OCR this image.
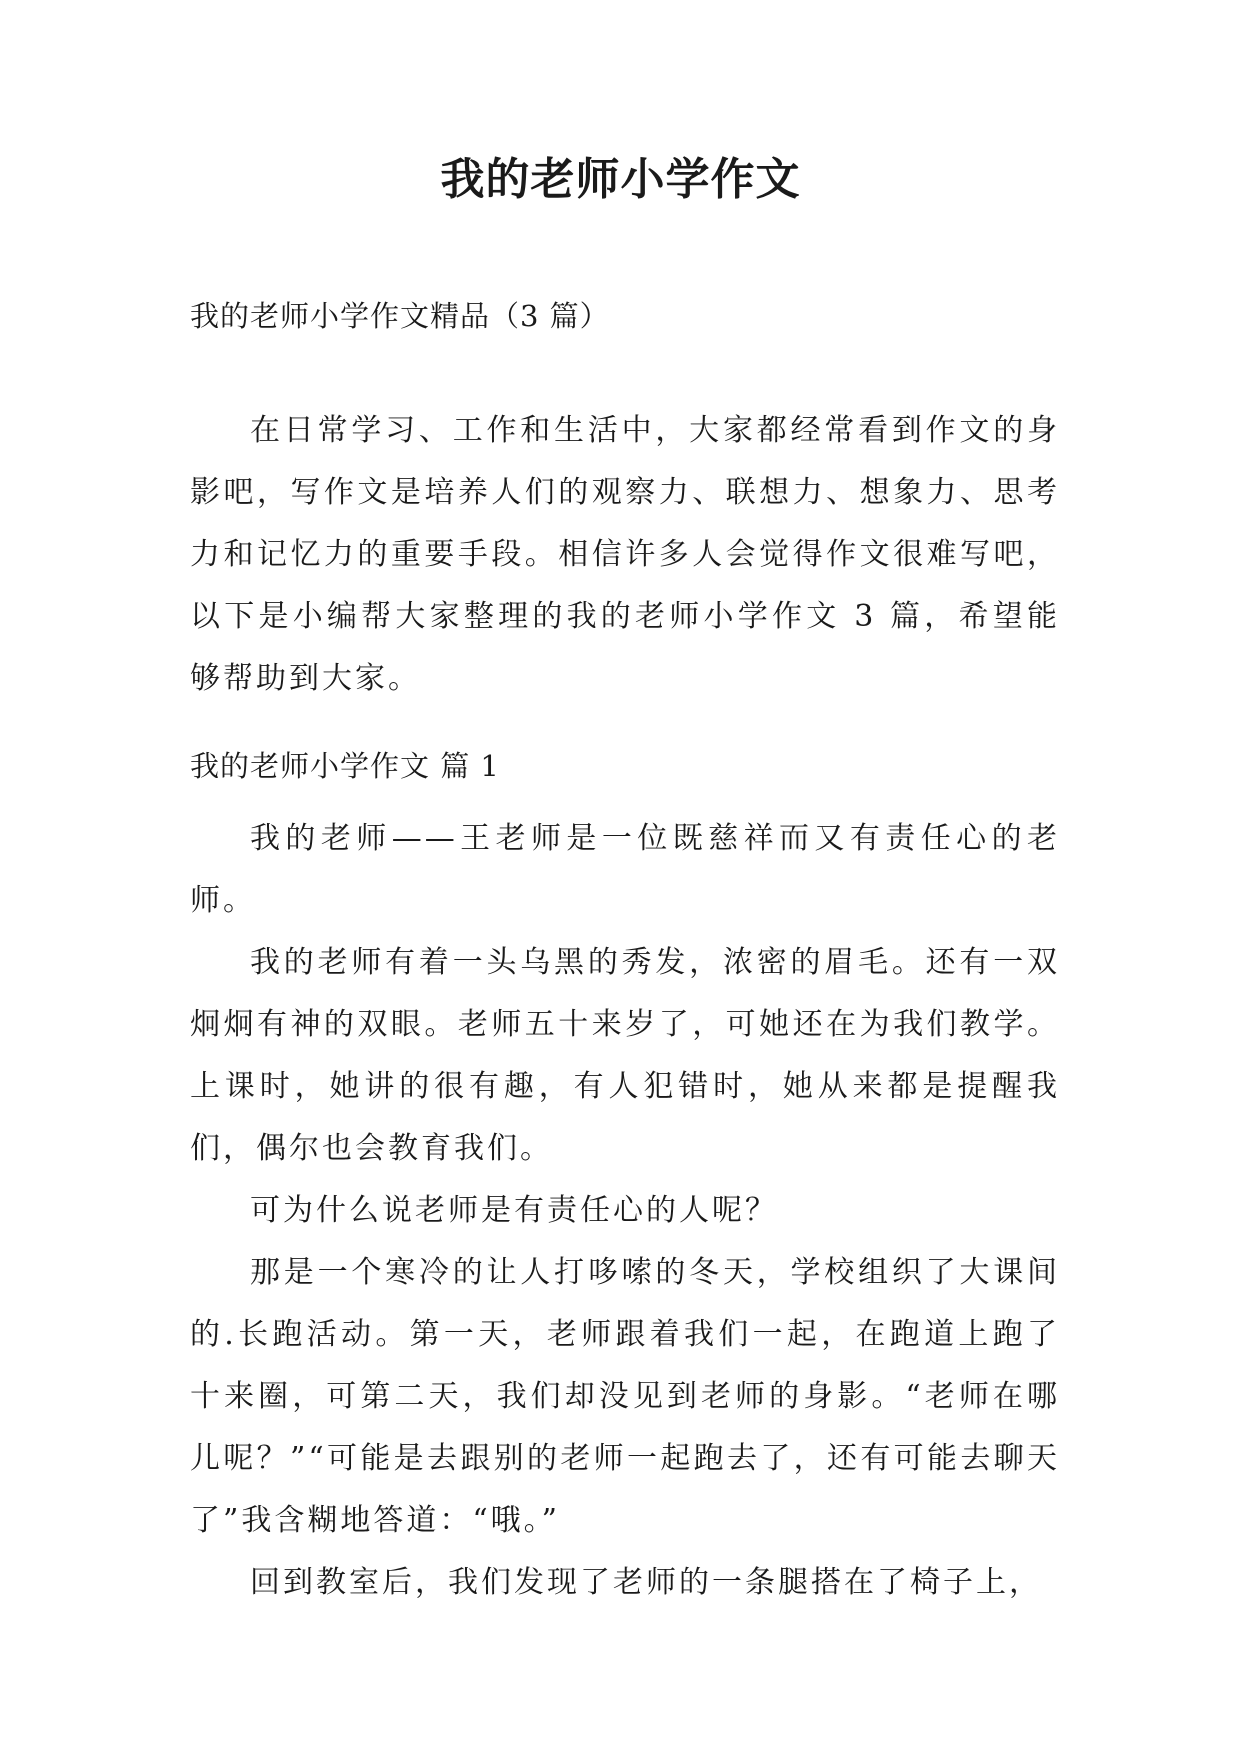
我的老师小学作文
我的老师小学作文精品（3 篇）

在日常学习、工作和生活中，大家都经常看到作文的身影吧，写作文是培养人们的观察力、联想力、想象力、思考力和记忆力的重要手段。相信许多人会觉得作文很难写吧，以下是小编帮大家整理的我的老师小学作文 3 篇，希望能够帮助到大家。

我的老师小学作文 篇 1

我的老师——王老师是一位既慈祥而又有责任心的老师。

我的老师有着一头乌黑的秀发，浓密的眉毛。还有一双炯炯有神的双眼。老师五十来岁了，可她还在为我们教学。上课时，她讲的很有趣，有人犯错时，她从来都是提醒我们，偶尔也会教育我们。

可为什么说老师是有责任心的人呢？

那是一个寒冷的让人打哆嗦的冬天，学校组织了大课间的.长跑活动。第一天，老师跟着我们一起，在跑道上跑了十来圈，可第二天，我们却没见到老师的身影。“老师在哪儿呢？”“可能是去跟别的老师一起跑去了，还有可能去聊天了”我含糊地答道：“哦。”

回到教室后，我们发现了老师的一条腿搭在了椅子上，
